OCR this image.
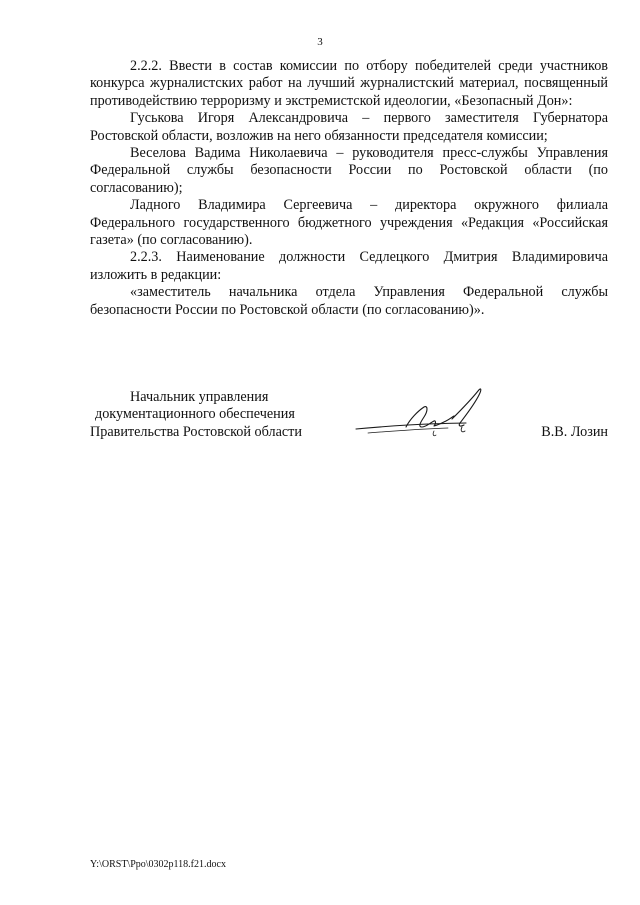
3

2.2.2. Ввести в состав комиссии по отбору победителей среди участников конкурса журналистских работ на лучший журналистский материал, посвященный противодействию терроризму и экстремистской идеологии, «Безопасный Дон»:

Гуськова Игоря Александровича – первого заместителя Губернатора Ростовской области, возложив на него обязанности председателя комиссии;

Веселова Вадима Николаевича – руководителя пресс-службы Управления Федеральной службы безопасности России по Ростовской области (по согласованию);

Ладного Владимира Сергеевича – директора окружного филиала Федерального государственного бюджетного учреждения «Редакция «Российская газета» (по согласованию).

2.2.3. Наименование должности Седлецкого Дмитрия Владимировича изложить в редакции:

«заместитель начальника отдела Управления Федеральной службы безопасности России по Ростовской области (по согласованию)».

Начальник управления
документационного обеспечения
Правительства Ростовской области	В.В. Лозин
Y:\ORST\Ppo\0302p118.f21.docx
